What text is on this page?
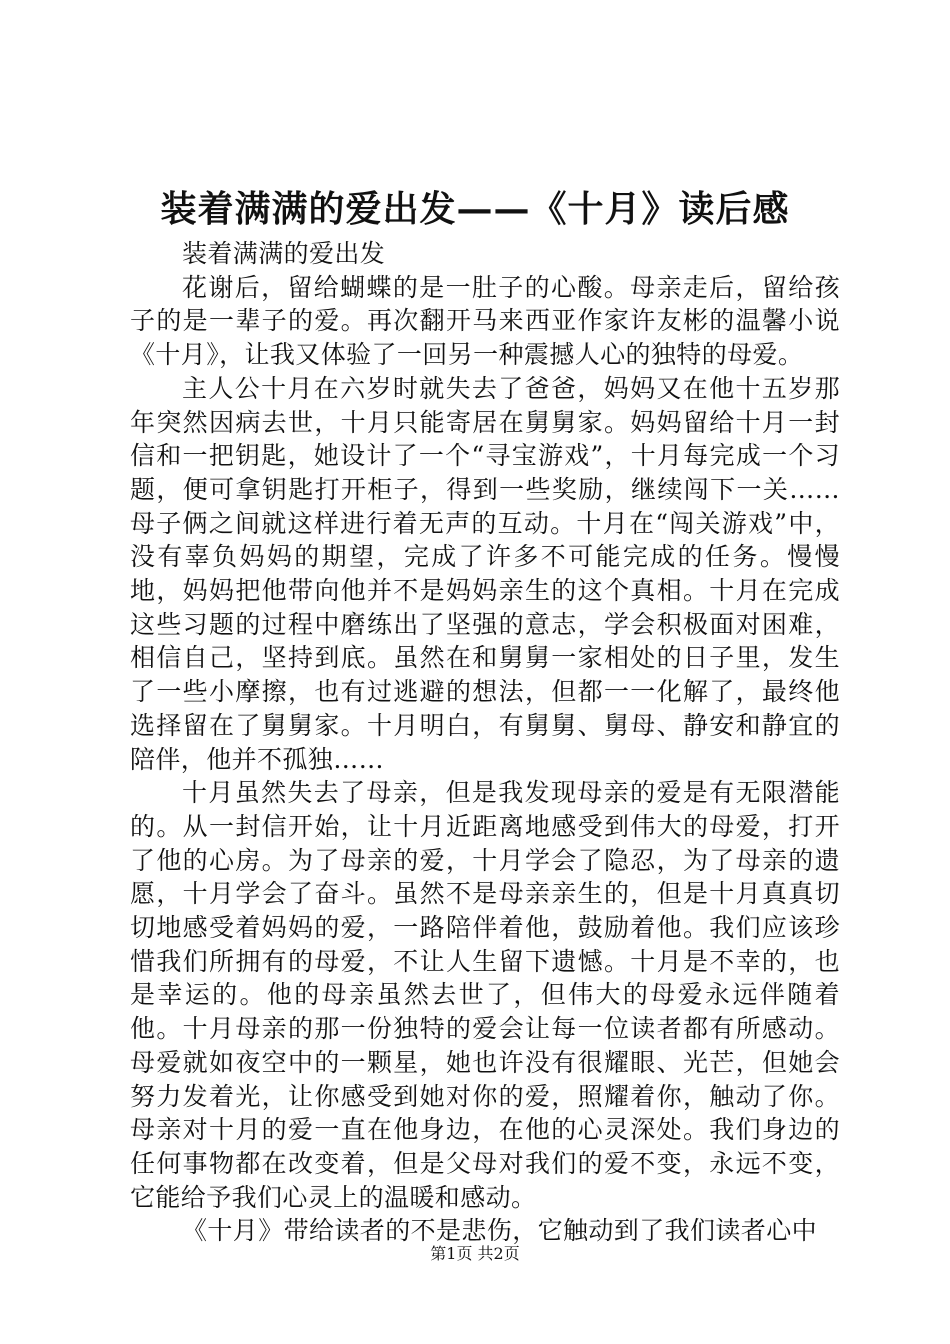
装着满满的爱出发——《十月》读后感

装着满满的爱出发

花谢后，留给蝴蝶的是一肚子的心酸。母亲走后，留给孩子的是一辈子的爱。再次翻开马来西亚作家许友彬的温馨小说《十月》，让我又体验了一回另一种震撼人心的独特的母爱。

主人公十月在六岁时就失去了爸爸，妈妈又在他十五岁那年突然因病去世，十月只能寄居在舅舅家。妈妈留给十月一封信和一把钥匙，她设计了一个“寻宝游戏”，十月每完成一个习题，便可拿钥匙打开柜子，得到一些奖励，继续闯下一关……母子俩之间就这样进行着无声的互动。十月在“闯关游戏”中，没有辜负妈妈的期望，完成了许多不可能完成的任务。慢慢地，妈妈把他带向他并不是妈妈亲生的这个真相。十月在完成这些习题的过程中磨练出了坚强的意志，学会积极面对困难，相信自己，坚持到底。虽然在和舅舅一家相处的日子里，发生了一些小摩擦，也有过逃避的想法，但都一一化解了，最终他选择留在了舅舅家。十月明白，有舅舅、舅母、静安和静宜的陪伴，他并不孤独……

十月虽然失去了母亲，但是我发现母亲的爱是有无限潜能的。从一封信开始，让十月近距离地感受到伟大的母爱，打开了他的心房。为了母亲的爱，十月学会了隐忍，为了母亲的遗愿，十月学会了奋斗。虽然不是母亲亲生的，但是十月真真切切地感受着妈妈的爱，一路陪伴着他，鼓励着他。我们应该珍惜我们所拥有的母爱，不让人生留下遗憾。十月是不幸的，也是幸运的。他的母亲虽然去世了，但伟大的母爱永远伴随着他。十月母亲的那一份独特的爱会让每一位读者都有所感动。母爱就如夜空中的一颗星，她也许没有很耀眼、光芒，但她会努力发着光，让你感受到她对你的爱，照耀着你，触动了你。母亲对十月的爱一直在他身边，在他的心灵深处。我们身边的任何事物都在改变着，但是父母对我们的爱不变，永远不变，它能给予我们心灵上的温暖和感动。

《十月》带给读者的不是悲伤，它触动到了我们读者心中

第1页 共2页
